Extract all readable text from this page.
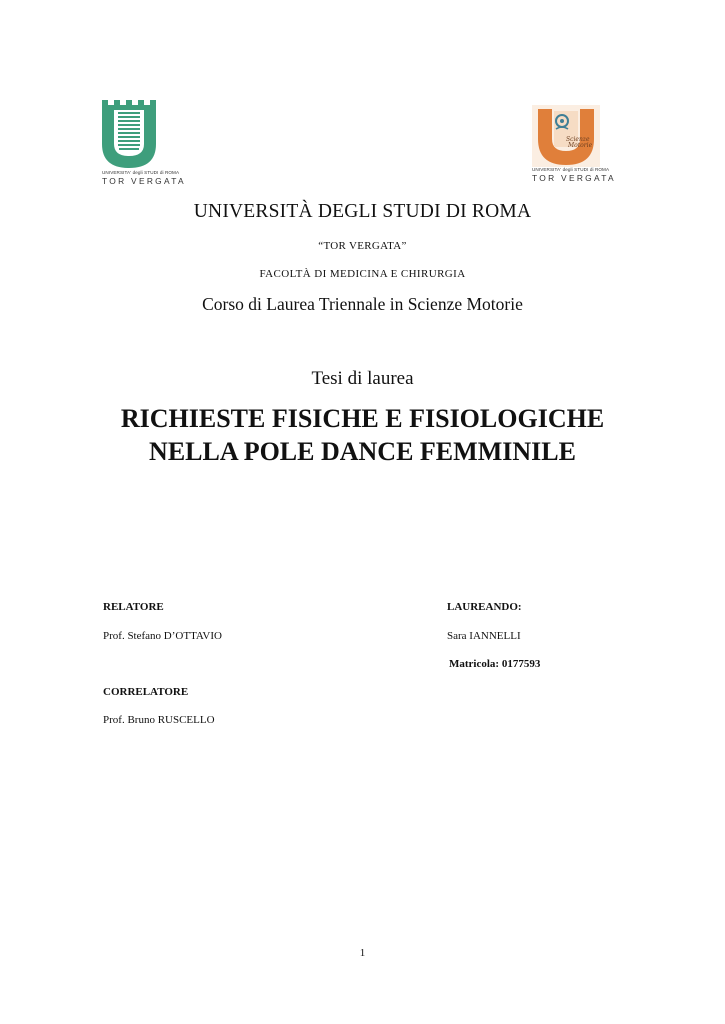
UNIVERSITA' degli STUDI di ROMA
TOR VERGATA
Scienze
Motorie
UNIVERSITA' degli STUDI di ROMA
TOR VERGATA
UNIVERSITÀ DEGLI STUDI DI ROMA
“TOR VERGATA”
FACOLTÀ DI MEDICINA E CHIRURGIA
Corso di Laurea Triennale in Scienze Motorie
Tesi di laurea
RICHIESTE FISICHE E FISIOLOGICHE
NELLA POLE DANCE FEMMINILE
RELATORE
Prof. Stefano D’OTTAVIO
LAUREANDO:
Sara IANNELLI
Matricola: 0177593
CORRELATORE
Prof. Bruno RUSCELLO
1
